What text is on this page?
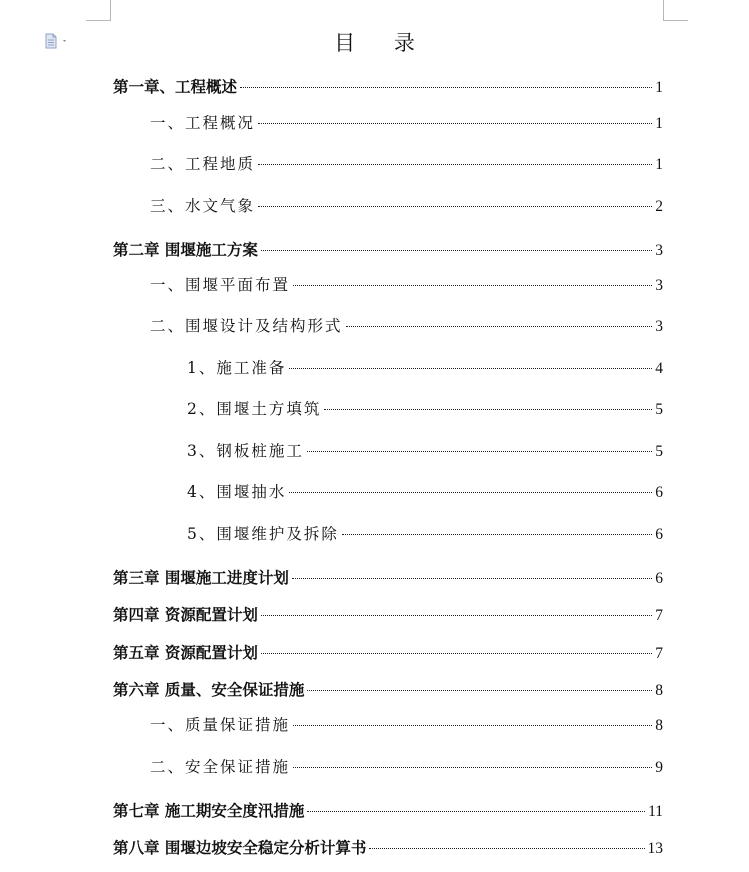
目 录
第一章、工程概述	1
一、工程概况	1
二、工程地质	1
三、水文气象	2
第二章 围堰施工方案	3
一、围堰平面布置	3
二、围堰设计及结构形式	3
1、施工准备	4
2、围堰土方填筑	5
3、钢板桩施工	5
4、围堰抽水	6
5、围堰维护及拆除	6
第三章 围堰施工进度计划	6
第四章 资源配置计划	7
第五章 资源配置计划	7
第六章 质量、安全保证措施	8
一、质量保证措施	8
二、安全保证措施	9
第七章 施工期安全度汛措施	11
第八章 围堰边坡安全稳定分析计算书	13
